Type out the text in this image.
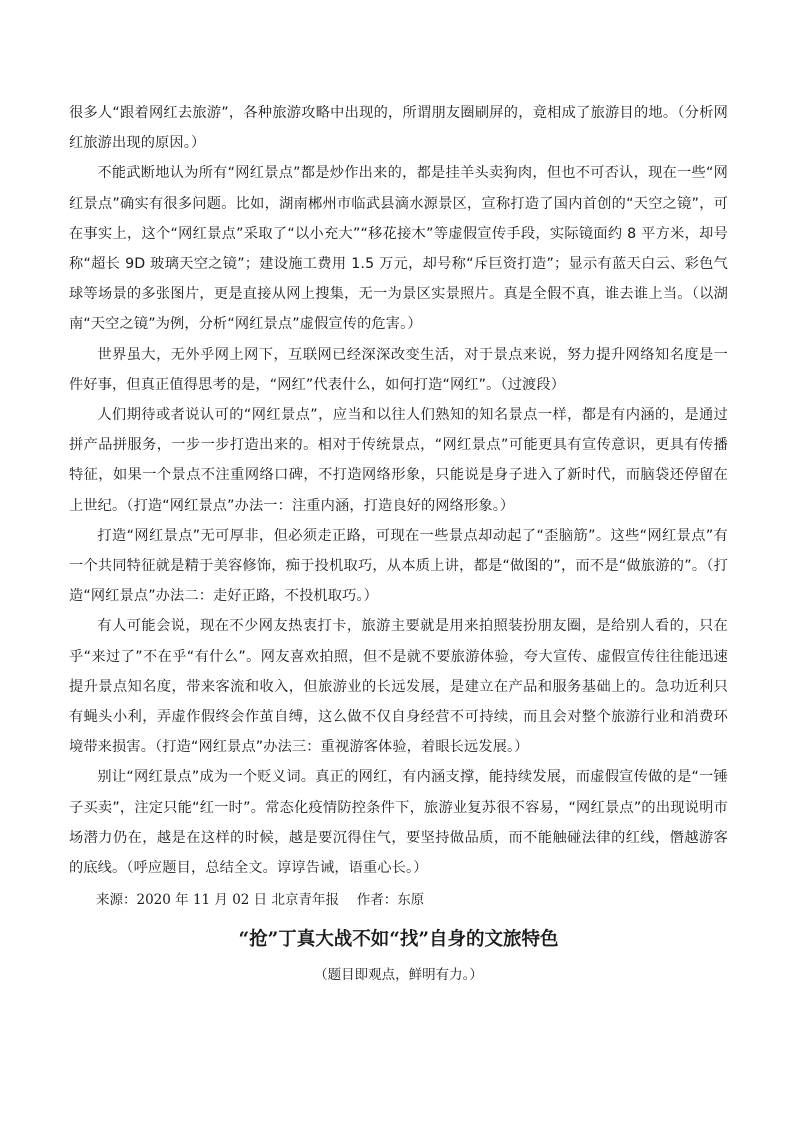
很多人“跟着网红去旅游”，各种旅游攻略中出现的，所谓朋友圈刷屏的，竟相成了旅游目的地。（分析网红旅游出现的原因。）

不能武断地认为所有“网红景点”都是炒作出来的，都是挂羊头卖狗肉，但也不可否认，现在一些“网红景点”确实有很多问题。比如，湖南郴州市临武县滴水源景区，宣称打造了国内首创的“天空之镜”，可在事实上，这个“网红景点”采取了“以小充大”“移花接木”等虚假宣传手段，实际镜面约 8 平方米，却号称“超长 9D 玻璃天空之镜”；建设施工费用 1.5 万元，却号称“斥巨资打造”；显示有蓝天白云、彩色气球等场景的多张图片，更是直接从网上搜集，无一为景区实景照片。真是全假不真，谁去谁上当。（以湖南“天空之镜”为例，分析“网红景点”虚假宣传的危害。）

世界虽大，无外乎网上网下，互联网已经深深改变生活，对于景点来说，努力提升网络知名度是一件好事，但真正值得思考的是，“网红”代表什么，如何打造“网红”。（过渡段）

人们期待或者说认可的“网红景点”，应当和以往人们熟知的知名景点一样，都是有内涵的，是通过拼产品拼服务，一步一步打造出来的。相对于传统景点，“网红景点”可能更具有宣传意识，更具有传播特征，如果一个景点不注重网络口碑，不打造网络形象，只能说是身子进入了新时代，而脑袋还停留在上世纪。（打造“网红景点”办法一：注重内涵，打造良好的网络形象。）

打造“网红景点”无可厚非，但必须走正路，可现在一些景点却动起了“歪脑筋”。这些“网红景点”有一个共同特征就是精于美容修饰，痴于投机取巧，从本质上讲，都是“做图的”，而不是“做旅游的”。（打造“网红景点”办法二：走好正路，不投机取巧。）

有人可能会说，现在不少网友热衷打卡，旅游主要就是用来拍照装扮朋友圈，是给别人看的，只在乎“来过了”不在乎“有什么”。网友喜欢拍照，但不是就不要旅游体验，夸大宣传、虚假宣传往往能迅速提升景点知名度，带来客流和收入，但旅游业的长远发展，是建立在产品和服务基础上的。急功近利只有蝇头小利，弄虚作假终会作茧自缚，这么做不仅自身经营不可持续，而且会对整个旅游行业和消费环境带来损害。（打造“网红景点”办法三：重视游客体验，着眼长远发展。）

别让“网红景点”成为一个贬义词。真正的网红，有内涵支撑，能持续发展，而虚假宣传做的是“一锤子买卖”，注定只能“红一时”。常态化疫情防控条件下，旅游业复苏很不容易，“网红景点”的出现说明市场潜力仍在，越是在这样的时候，越是要沉得住气，要坚持做品质，而不能触碰法律的红线，僭越游客的底线。（呼应题目，总结全文。谆谆告诫，语重心长。）

来源：2020 年 11 月 02 日 北京青年报　 作者：东原

“抢”丁真大战不如“找”自身的文旅特色

（题目即观点，鲜明有力。）
